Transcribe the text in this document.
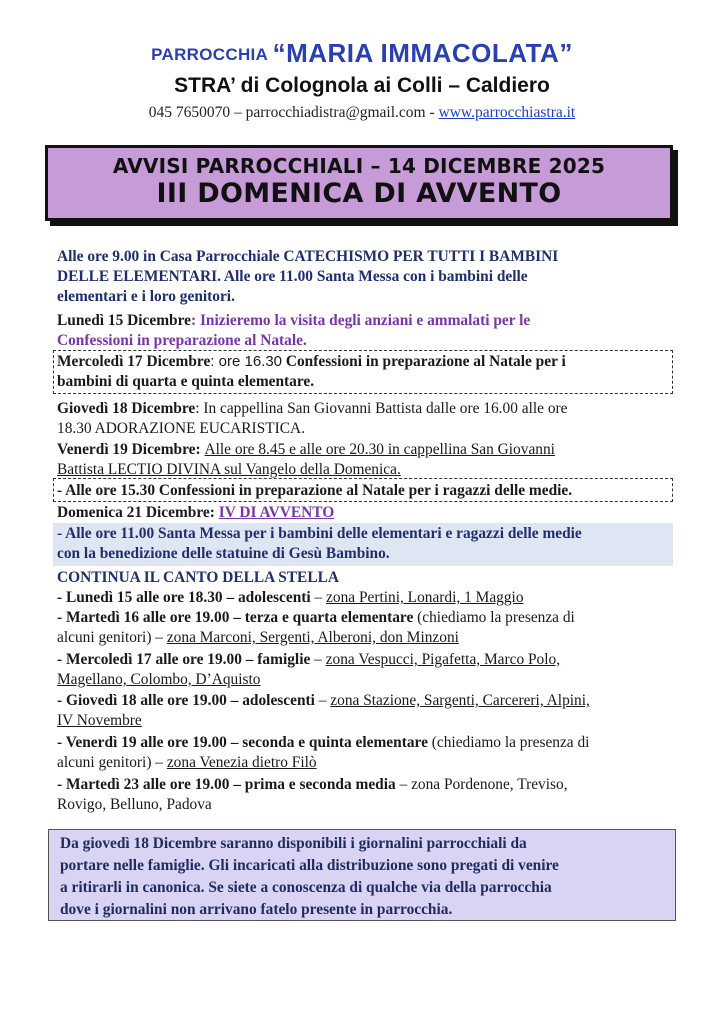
PARROCCHIA “MARIA IMMACOLATA”
STRA’ di Colognola ai Colli – Caldiero
045 7650070 – parrocchiadistra@gmail.com - www.parrocchiastra.it
AVVISI PARROCCHIALI – 14 DICEMBRE 2025
III DOMENICA DI AVVENTO
Alle ore 9.00 in Casa Parrocchiale CATECHISMO PER TUTTI I BAMBINI
DELLE ELEMENTARI. Alle ore 11.00 Santa Messa con i bambini delle
elementari e i loro genitori.
Lunedì 15 Dicembre: Inizieremo la visita degli anziani e ammalati per le
Confessioni in preparazione al Natale.
Mercoledì 17 Dicembre: ore 16.30 Confessioni in preparazione al Natale per i
bambini di quarta e quinta elementare.
Giovedì 18 Dicembre: In cappellina San Giovanni Battista dalle ore 16.00 alle ore
18.30 ADORAZIONE EUCARISTICA.
Venerdì 19 Dicembre: Alle ore 8.45 e alle ore 20.30 in cappellina San Giovanni
Battista LECTIO DIVINA sul Vangelo della Domenica.
- Alle ore 15.30 Confessioni in preparazione al Natale per i ragazzi delle medie.
Domenica 21 Dicembre: IV DI AVVENTO
- Alle ore 11.00 Santa Messa per i bambini delle elementari e ragazzi delle medie
con la benedizione delle statuine di Gesù Bambino.
CONTINUA IL CANTO DELLA STELLA
- Lunedì 15 alle ore 18.30 – adolescenti – zona Pertini, Lonardi, 1 Maggio
- Martedì 16 alle ore 19.00 – terza e quarta elementare (chiediamo la presenza di
alcuni genitori) – zona Marconi, Sergenti, Alberoni, don Minzoni
- Mercoledì 17 alle ore 19.00 – famiglie – zona Vespucci, Pigafetta, Marco Polo,
Magellano, Colombo, D’Aquisto
- Giovedì 18 alle ore 19.00 – adolescenti – zona Stazione, Sargenti, Carcereri, Alpini,
IV Novembre
- Venerdì 19 alle ore 19.00 – seconda e quinta elementare (chiediamo la presenza di
alcuni genitori) – zona Venezia dietro Filò
- Martedì 23 alle ore 19.00 – prima e seconda media – zona Pordenone, Treviso,
Rovigo, Belluno, Padova
Da giovedì 18 Dicembre saranno disponibili i giornalini parrocchiali da
portare nelle famiglie. Gli incaricati alla distribuzione sono pregati di venire
a ritirarli in canonica. Se siete a conoscenza di qualche via della parrocchia
dove i giornalini non arrivano fatelo presente in parrocchia.
